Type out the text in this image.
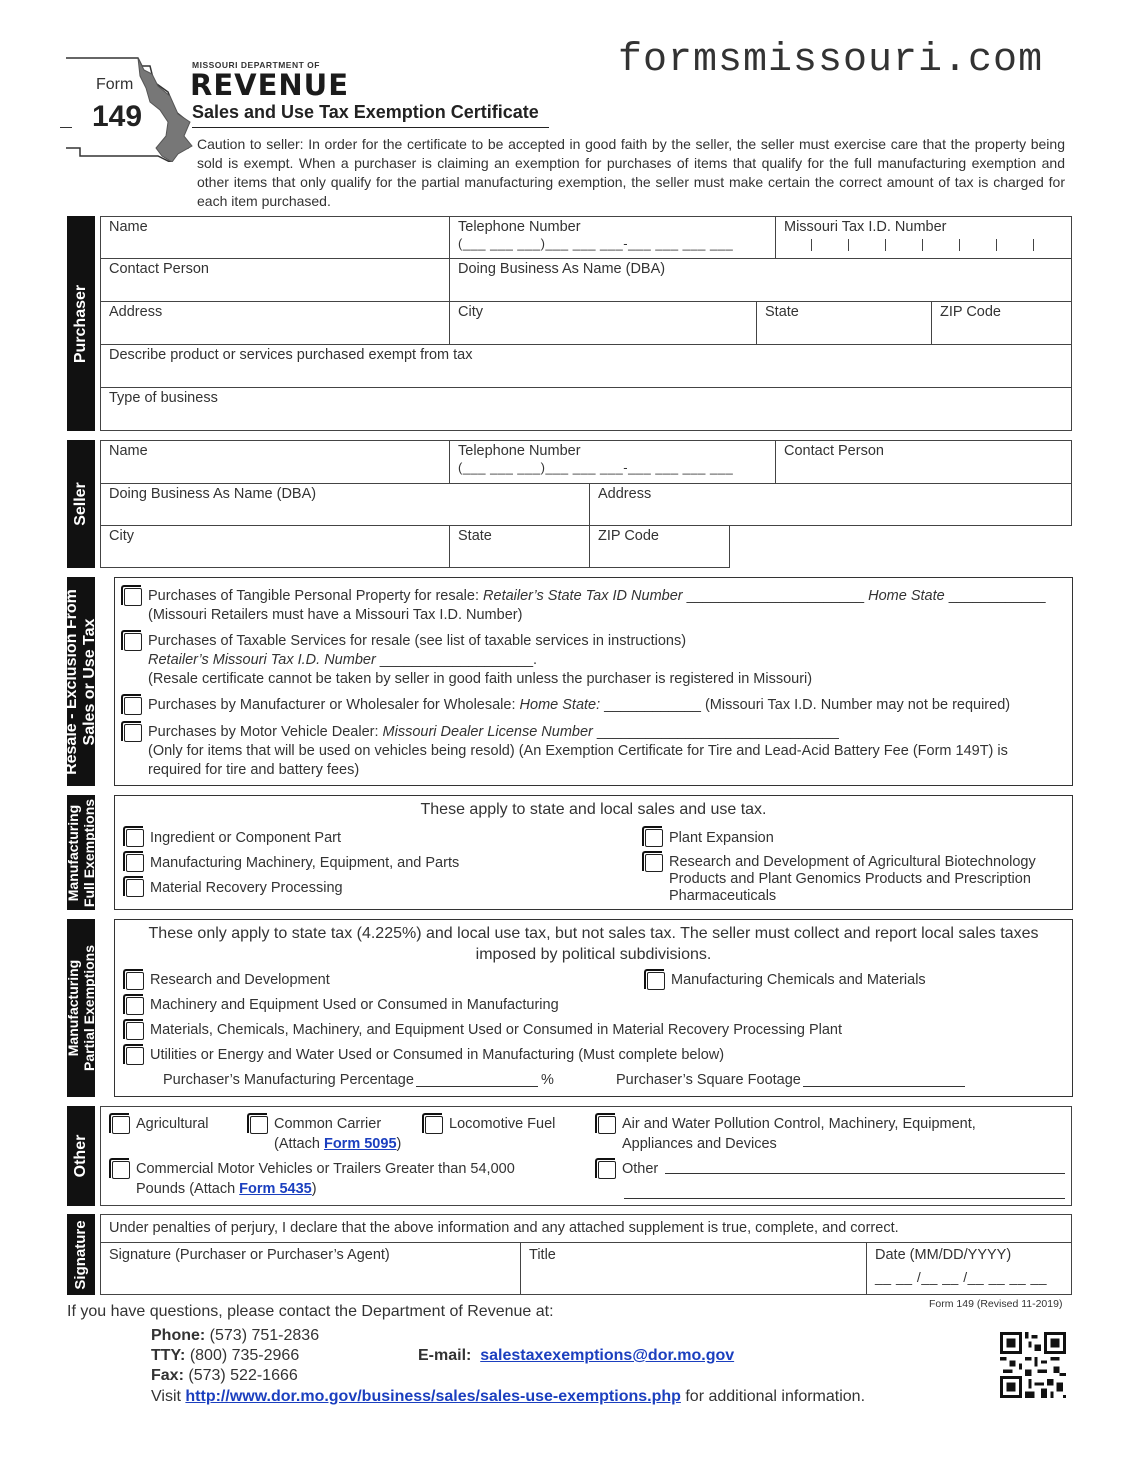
formsmissouri.com
Form
149
MISSOURI DEPARTMENT OF
REVENUE
Sales and Use Tax Exemption Certificate
Caution to seller: In order for the certificate to be accepted in good faith by the seller, the seller must exercise care that the property being sold is exempt. When a purchaser is claiming an exemption for purchases of items that qualify for the full manufacturing exemption and other items that only qualify for the partial manufacturing exemption, the seller must make certain the correct amount of tax is charged for each item purchased.
Purchaser
Name	Telephone Number
(___ ___ ___)___ ___ ___-___ ___ ___ ___
Missouri Tax I.D. Number
Contact Person	Doing Business As Name (DBA)
Address	City	State	ZIP Code
Describe product or services purchased exempt from tax
Type of business
Seller
Name	Telephone Number
(___ ___ ___)___ ___ ___-___ ___ ___ ___
Contact Person
Doing Business As Name (DBA)	Address
City	State	ZIP Code
Resale - Exclusion From Sales or Use Tax
Purchases of Tangible Personal Property for resale: Retailer’s State Tax ID Number ______________________ Home State ____________
(Missouri Retailers must have a Missouri Tax I.D. Number)
Purchases of Taxable Services for resale (see list of taxable services in instructions)
Retailer’s Missouri Tax I.D. Number ___________________.
(Resale certificate cannot be taken by seller in good faith unless the purchaser is registered in Missouri)
Purchases by Manufacturer or Wholesaler for Wholesale: Home State: ____________ (Missouri Tax I.D. Number may not be required)
Purchases by Motor Vehicle Dealer: Missouri Dealer License Number ______________________________
(Only for items that will be used on vehicles being resold) (An Exemption Certificate for Tire and Lead-Acid Battery Fee (Form 149T) is
required for tire and battery fees)
Manufacturing Full Exemptions	These apply to state and local sales and use tax.
Ingredient or Component Part
Manufacturing Machinery, Equipment, and Parts
Material Recovery Processing
Plant Expansion
Research and Development of Agricultural Biotechnology
Products and Plant Genomics Products and Prescription
Pharmaceuticals
Manufacturing Partial Exemptions
These only apply to state tax (4.225%) and local use tax, but not sales tax. The seller must collect and report local sales taxes
imposed by political subdivisions.
Research and Development	Manufacturing Chemicals and Materials
Machinery and Equipment Used or Consumed in Manufacturing
Materials, Chemicals, Machinery, and Equipment Used or Consumed in Material Recovery Processing Plant
Utilities or Energy and Water Used or Consumed in Manufacturing (Must complete below)
Purchaser’s Manufacturing Percentage	%	Purchaser’s Square Footage
Other
Agricultural	Common Carrier
(Attach Form 5095)
Locomotive Fuel	Air and Water Pollution Control, Machinery, Equipment,
Appliances and Devices
Commercial Motor Vehicles or Trailers Greater than 54,000
Pounds (Attach Form 5435)
Other
Signature Under penalties of perjury, I declare that the above information and any attached supplement is true, complete, and correct.
Signature (Purchaser or Purchaser’s Agent)	Title	Date (MM/DD/YYYY)
__ __ /__ __ /__ __ __ __
Form 149 (Revised 11-2019)
If you have questions, please contact the Department of Revenue at:
Phone: (573) 751-2836
TTY: (800) 735-2966	E-mail: salestaxexemptions@dor.mo.gov
Fax: (573) 522-1666
Visit http://www.dor.mo.gov/business/sales/sales-use-exemptions.php for additional information.
